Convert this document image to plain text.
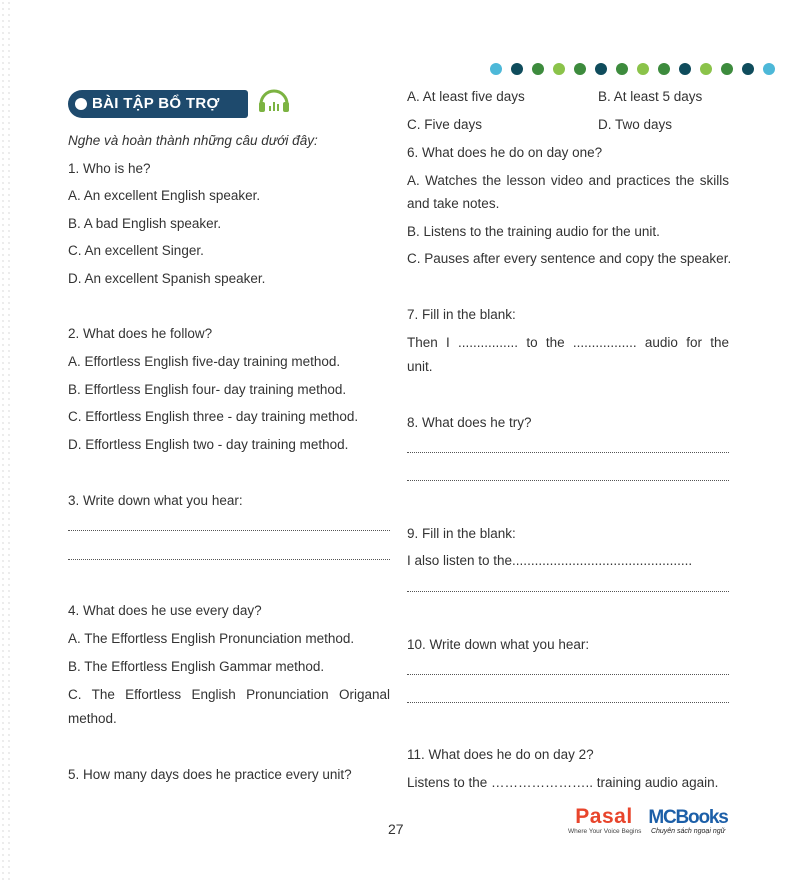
BÀI TẬP BỔ TRỢ
Nghe và hoàn thành những câu dưới đây:
1. Who is he?
A. An excellent English speaker.
B. A bad English speaker.
C. An excellent Singer.
D. An excellent Spanish speaker.
2. What does he follow?
A. Effortless English five-day training method.
B. Effortless English four- day training method.
C. Effortless English three - day training method.
D. Effortless English two - day training method.
3. Write down what you hear:
4. What does he use every day?
A. The Effortless English Pronunciation method.
B. The Effortless English Gammar method.
C. The Effortless English Pronunciation Origanal
method.
5. How many days does he practice every unit?
A. At least five days	B. At least 5 days
C. Five days	D. Two days
6. What does he do on day one?
A. Watches the lesson video and practices the skills
and take notes.
B. Listens to the training audio for the unit.
C. Pauses after every sentence and copy the speaker.
7. Fill in the blank:
Then I ................ to the ................. audio for the
unit.
8. What does he try?
9. Fill in the blank:
I also listen to the................................................
10. Write down what you hear:
11. What does he do on day 2?
Listens to the ………………….. training audio again.
27
Pasal
Where Your Voice Begins
MCBooks
Chuyên sách ngoại ngữ
